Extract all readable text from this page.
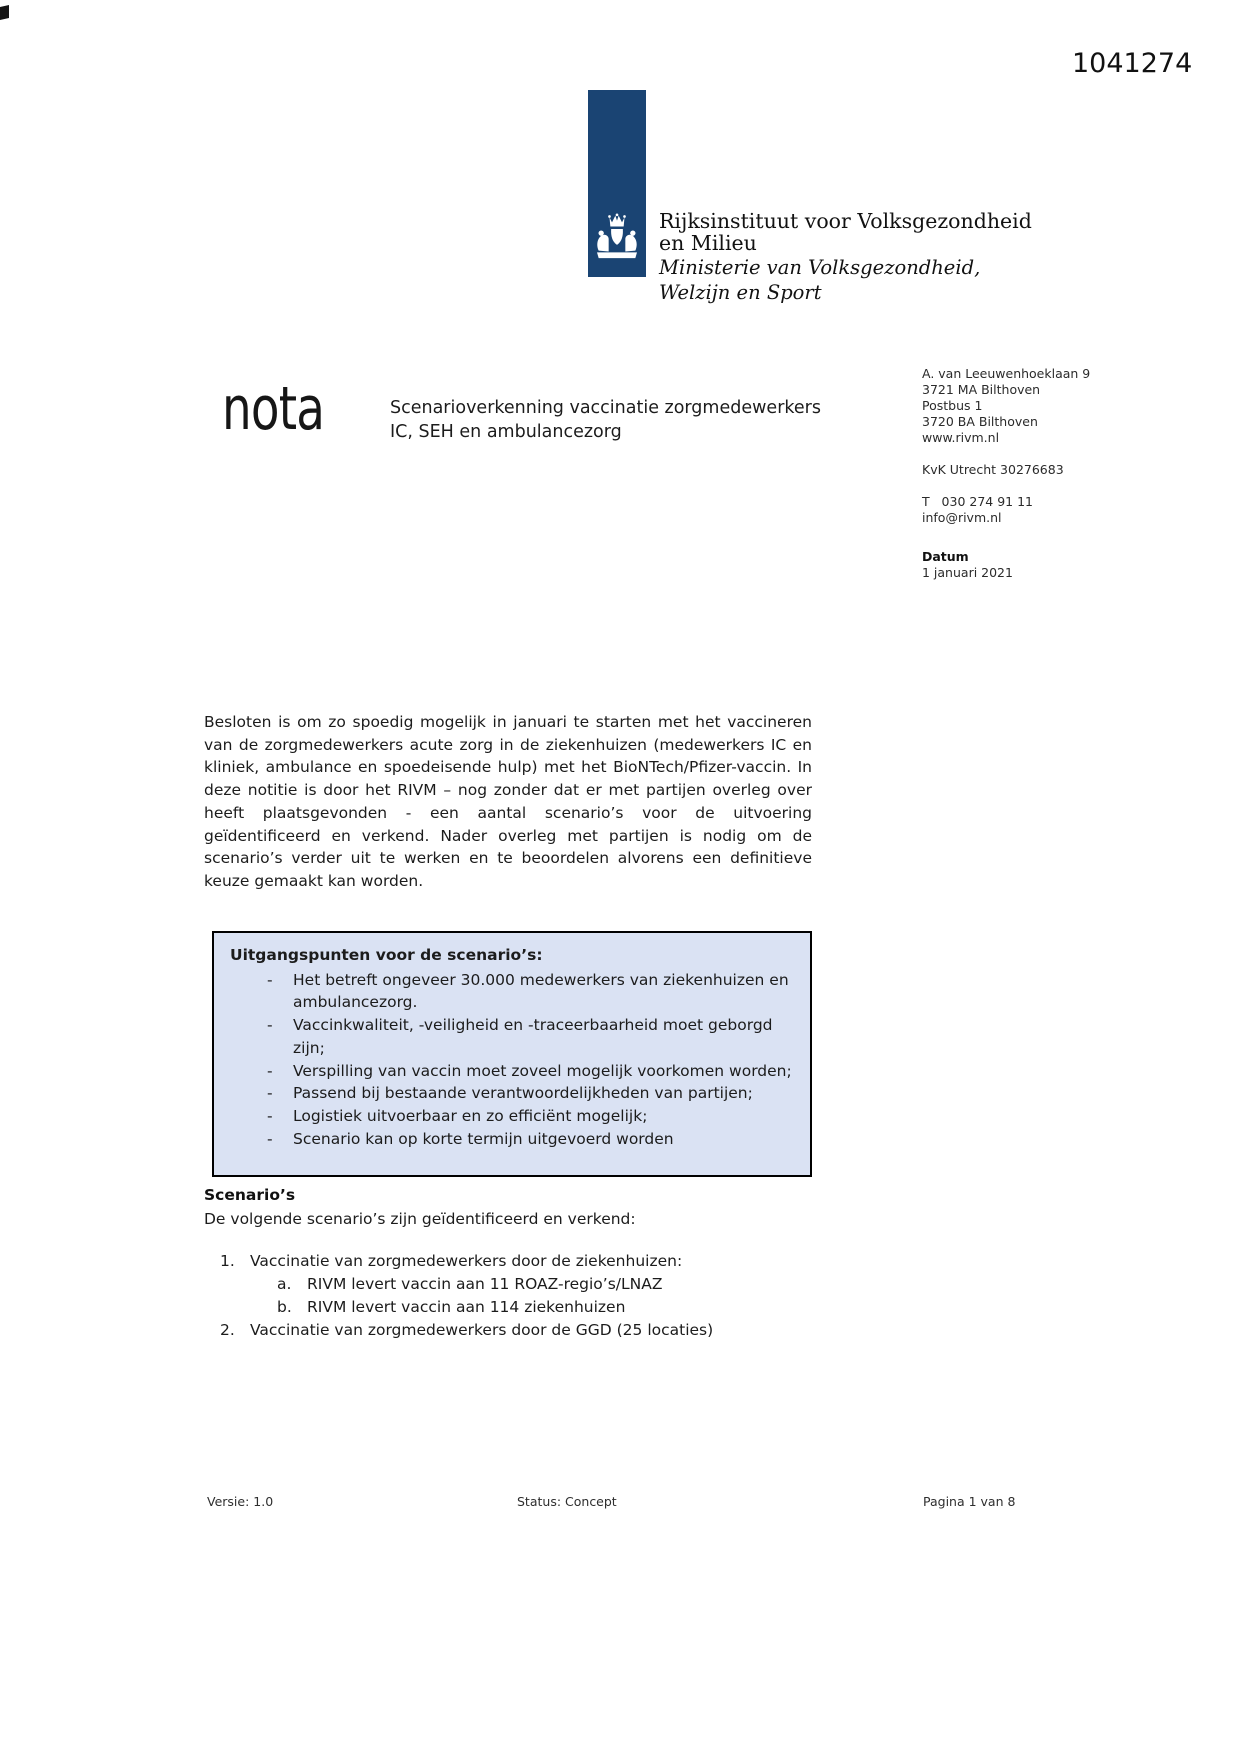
1041274
Rijksinstituut voor Volksgezondheid
en Milieu
Ministerie van Volksgezondheid,
Welzijn en Sport
nota	Scenarioverkenning vaccinatie zorgmedewerkers
IC, SEH en ambulancezorg
A. van Leeuwenhoeklaan 9
3721 MA Bilthoven
Postbus 1
3720 BA Bilthoven
www.rivm.nl
KvK Utrecht 30276683
T   030 274 91 11
info@rivm.nl
Datum
1 januari 2021
Besloten is om zo spoedig mogelijk in januari te starten met het vaccineren van de zorgmedewerkers acute zorg in de ziekenhuizen (medewerkers IC en kliniek, ambulance en spoedeisende hulp) met het BioNTech/Pfizer-vaccin. In deze notitie is door het RIVM – nog zonder dat er met partijen overleg over heeft plaatsgevonden - een aantal scenario’s voor de uitvoering geïdentificeerd en verkend. Nader overleg met partijen is nodig om de scenario’s verder uit te werken en te beoordelen alvorens een definitieve keuze gemaakt kan worden.
Uitgangspunten voor de scenario’s:
-	Het betreft ongeveer 30.000 medewerkers van ziekenhuizen en ambulancezorg.
-	Vaccinkwaliteit, -veiligheid en -traceerbaarheid moet geborgd zijn;
-	Verspilling van vaccin moet zoveel mogelijk voorkomen worden;
-	Passend bij bestaande verantwoordelijkheden van partijen;
-	Logistiek uitvoerbaar en zo efficiënt mogelijk;
-	Scenario kan op korte termijn uitgevoerd worden
Scenario’s
De volgende scenario’s zijn geïdentificeerd en verkend:
1. Vaccinatie van zorgmedewerkers door de ziekenhuizen:
a.	RIVM levert vaccin aan 11 ROAZ-regio’s/LNAZ
b. RIVM levert vaccin aan 114 ziekenhuizen
2. Vaccinatie van zorgmedewerkers door de GGD (25 locaties)
Versie: 1.0	Status: Concept	Pagina 1 van 8
